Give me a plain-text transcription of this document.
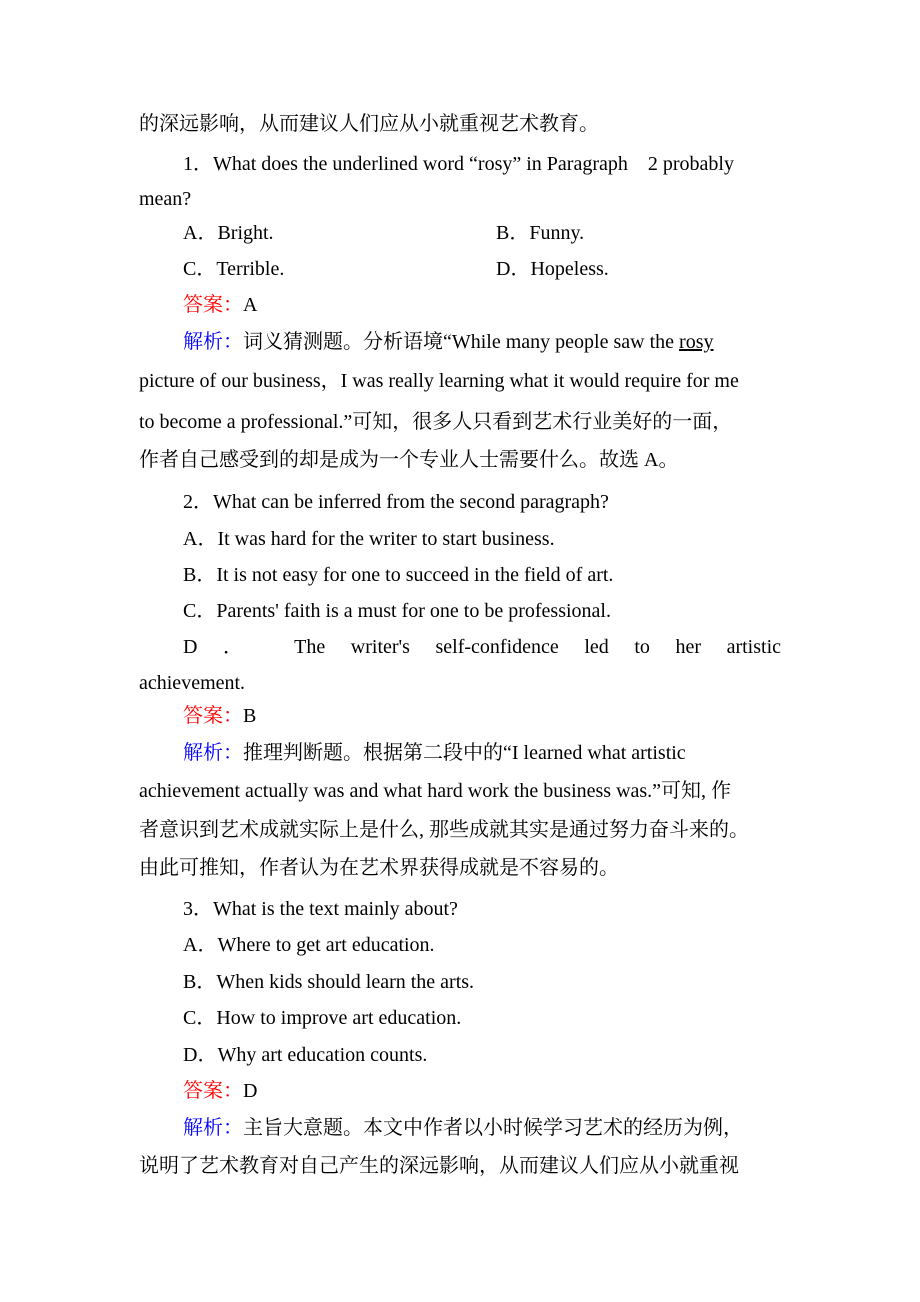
的深远影响，从而建议人们应从小就重视艺术教育。
1．What does the underlined word “rosy” in Paragraph　2 probably
mean?
A．Bright.	B．Funny.
C．Terrible.	D．Hopeless.
答案：A
解析：词义猜测题。分析语境“While many people saw the rosy
picture of our business，I was really learning what it would require for me
to become a professional.”可知，很多人只看到艺术行业美好的一面，
作者自己感受到的却是成为一个专业人士需要什么。故选 A。
2．What can be inferred from the second paragraph?
A．It was hard for the writer to start business.
B．It is not easy for one to succeed in the field of art.
C．Parents' faith is a must for one to be professional.
D ．　The writer's self-confidence led to her artistic
achievement.
答案：B
解析：推理判断题。根据第二段中的“I learned what artistic
achievement actually was and what hard work the business was.”可知, 作
者意识到艺术成就实际上是什么, 那些成就其实是通过努力奋斗来的。
由此可推知，作者认为在艺术界获得成就是不容易的。
3．What is the text mainly about?
A．Where to get art education.
B．When kids should learn the arts.
C．How to improve art education.
D．Why art education counts.
答案：D
解析：主旨大意题。本文中作者以小时候学习艺术的经历为例，
说明了艺术教育对自己产生的深远影响，从而建议人们应从小就重视
